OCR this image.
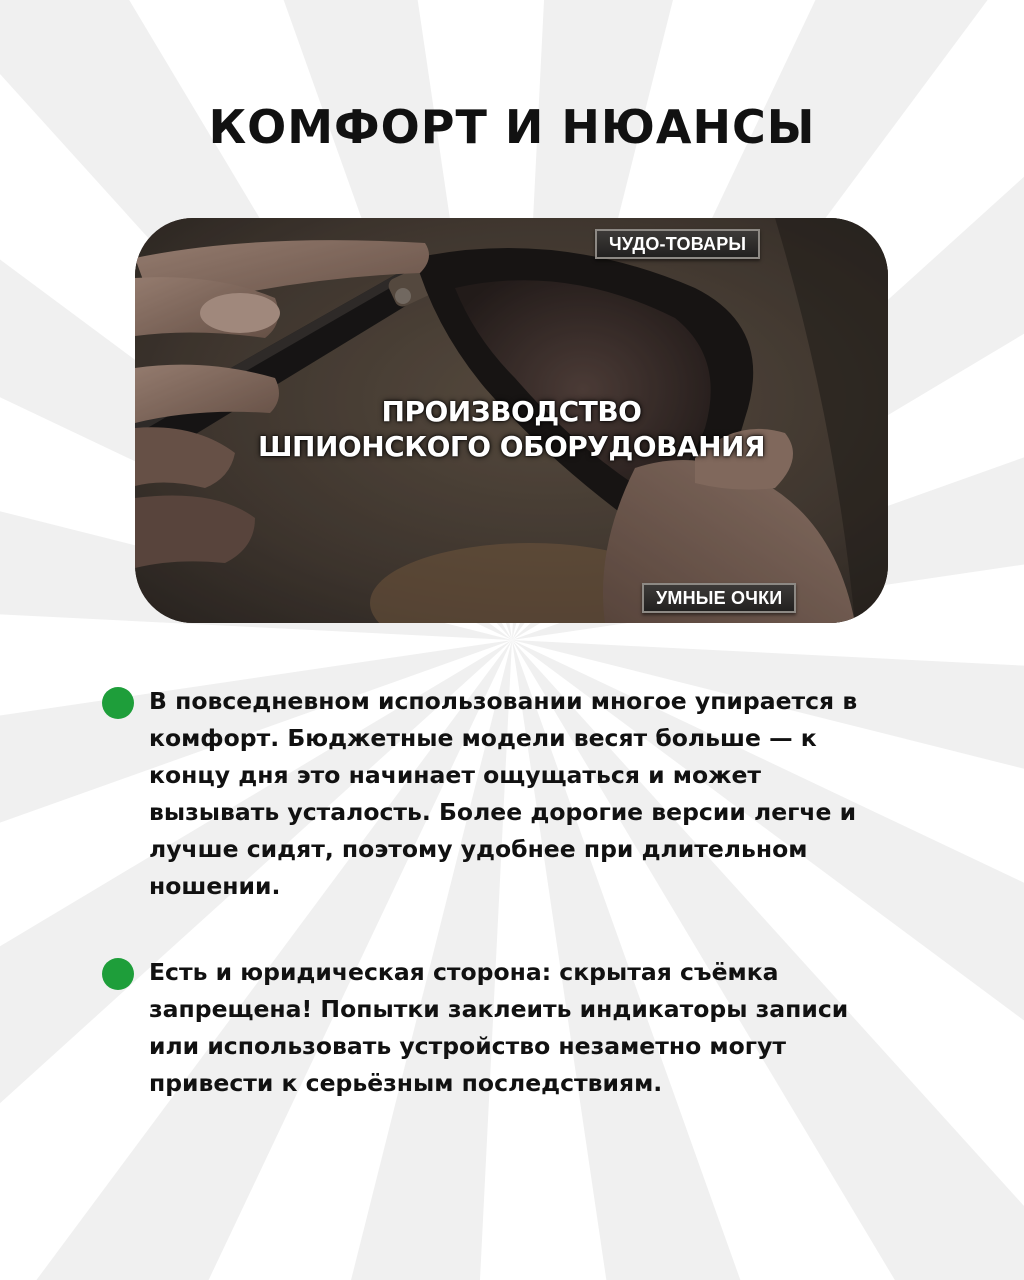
КОМФОРТ И НЮАНСЫ
ЧУДО-ТОВАРЫ
ПРОИЗВОДСТВО
ШПИОНСКОГО ОБОРУДОВАНИЯ
УМНЫЕ ОЧКИ

В повседневном использовании многое упирается в комфорт. Бюджетные модели весят больше — к концу дня это начинает ощущаться и может вызывать усталость. Более дорогие версии легче и лучше сидят, поэтому удобнее при длительном ношении.

Есть и юридическая сторона: скрытая съёмка запрещена! Попытки заклеить индикаторы записи или использовать устройство незаметно могут привести к серьёзным последствиям.
